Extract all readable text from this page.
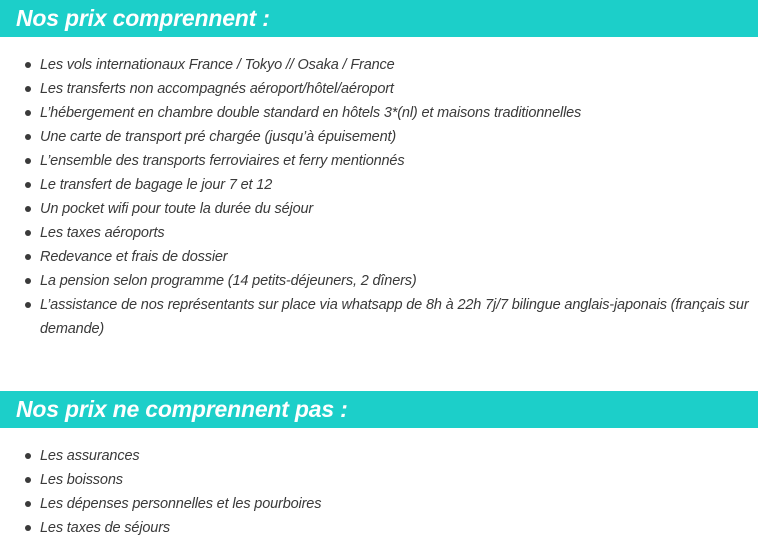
Nos prix comprennent :
Les vols internationaux France / Tokyo // Osaka / France
Les transferts non accompagnés aéroport/hôtel/aéroport
L’hébergement en chambre double standard en hôtels 3*(nl) et maisons traditionnelles
Une carte de transport pré chargée (jusqu’à épuisement)
L’ensemble des transports ferroviaires et ferry mentionnés
Le transfert de bagage le jour 7 et 12
Un pocket wifi pour toute la durée du séjour
Les taxes aéroports
Redevance et frais de dossier
La pension selon programme (14 petits-déjeuners, 2 dîners)
L’assistance de nos représentants sur place via whatsapp de 8h à 22h 7j/7 bilingue anglais-japonais (français sur demande)
Nos prix ne comprennent pas :
Les assurances
Les boissons
Les dépenses personnelles et les pourboires
Les taxes de séjours
